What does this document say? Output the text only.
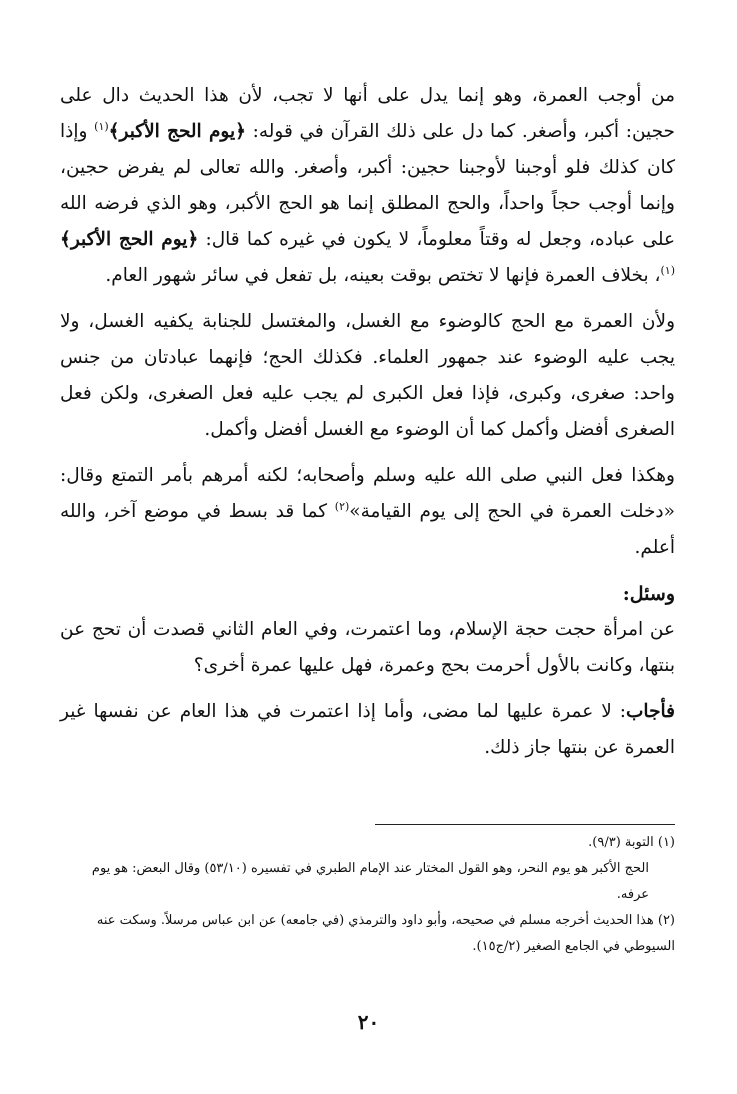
من أوجب العمرة، وهو إنما يدل على أنها لا تجب، لأن هذا الحديث دال على حجين: أكبر، وأصغر. كما دل على ذلك القرآن في قوله: ﴿يوم الحج الأكبر﴾$^{(١)}$ وإذا كان كذلك فلو أوجبنا لأوجبنا حجين: أكبر، وأصغر. والله تعالى لم يفرض حجين، وإنما أوجب حجاً واحداً، والحج المطلق إنما هو الحج الأكبر، وهو الذي فرضه الله على عباده، وجعل له وقتاً معلوماً، لا يكون في غيره كما قال: ﴿يوم الحج الأكبر﴾$^{(١)}$، بخلاف العمرة فإنها لا تختص بوقت بعينه، بل تفعل في سائر شهور العام.

ولأن العمرة مع الحج كالوضوء مع الغسل، والمغتسل للجنابة يكفيه الغسل، ولا يجب عليه الوضوء عند جمهور العلماء. فكذلك الحج؛ فإنهما عبادتان من جنس واحد: صغرى، وكبرى، فإذا فعل الكبرى لم يجب عليه فعل الصغرى، ولكن فعل الصغرى أفضل وأكمل كما أن الوضوء مع الغسل أفضل وأكمل.

وهكذا فعل النبي صلى الله عليه وسلم وأصحابه؛ لكنه أمرهم بأمر التمتع وقال: «دخلت العمرة في الحج إلى يوم القيامة»$^{(٢)}$ كما قد بسط في موضع آخر، والله أعلم.

وسئل:

عن امرأة حجت حجة الإسلام، وما اعتمرت، وفي العام الثاني قصدت أن تحج عن بنتها، وكانت بالأول أحرمت بحج وعمرة، فهل عليها عمرة أخرى؟

فأجاب: لا عمرة عليها لما مضى، وأما إذا اعتمرت في هذا العام عن نفسها غير العمرة عن بنتها جاز ذلك.

(١) التوبة (٩/٣).

الحج الأكبر هو يوم النحر، وهو القول المختار عند الإمام الطبري في تفسيره (٥٣/١٠) وقال البعض: هو يوم عرفه.

(٢) هذا الحديث أخرجه مسلم في صحيحه، وأبو داود والترمذي (في جامعه) عن ابن عباس مرسلاً. وسكت عنه السيوطي في الجامع الصغير (٢/ج١٥).

٢٠
